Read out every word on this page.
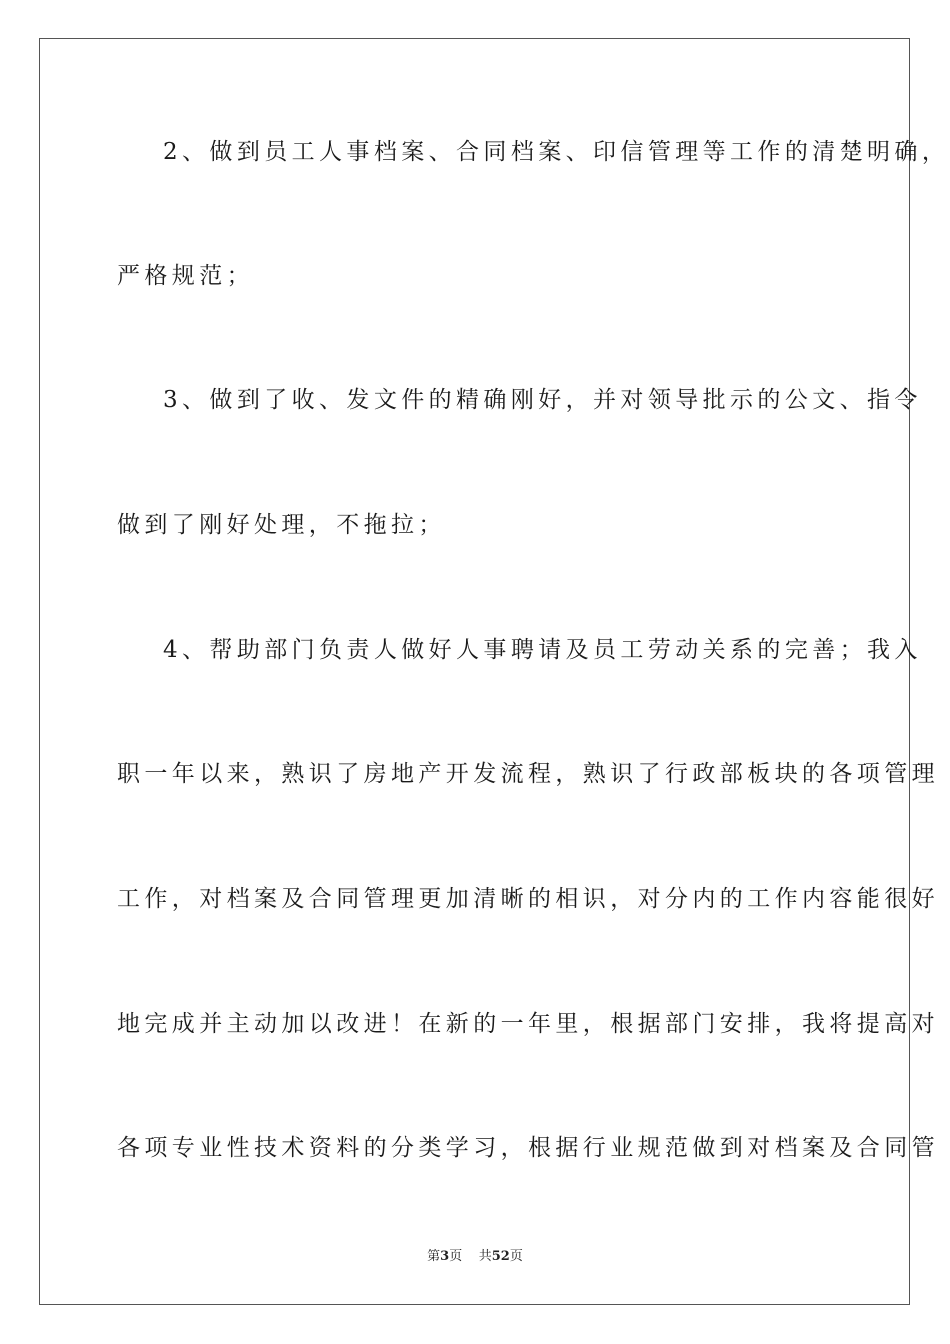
2、做到员工人事档案、合同档案、印信管理等工作的清楚明确，

严格规范；

3、做到了收、发文件的精确刚好，并对领导批示的公文、指令

做到了刚好处理，不拖拉；

4、帮助部门负责人做好人事聘请及员工劳动关系的完善；我入

职一年以来，熟识了房地产开发流程，熟识了行政部板块的各项管理

工作，对档案及合同管理更加清晰的相识，对分内的工作内容能很好

地完成并主动加以改进！在新的一年里，根据部门安排，我将提高对

各项专业性技术资料的分类学习，根据行业规范做到对档案及合同管

第3页 共52页
